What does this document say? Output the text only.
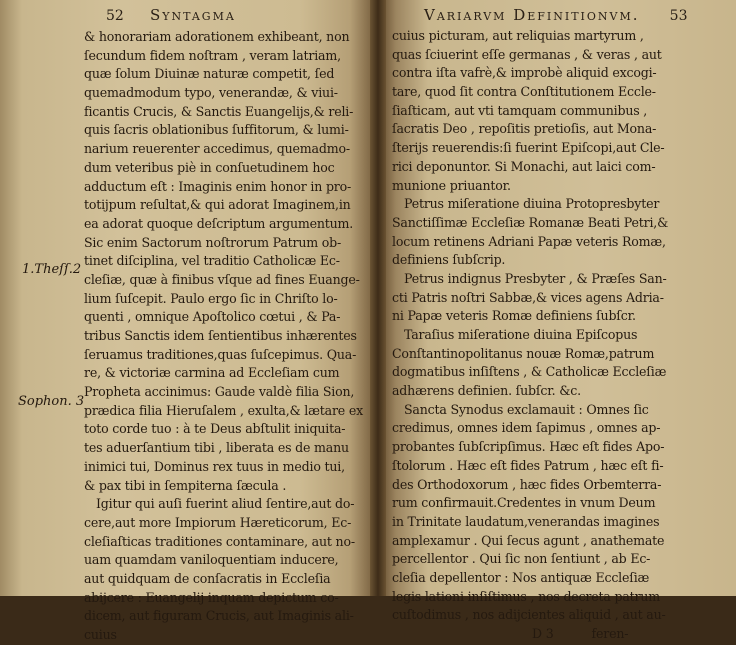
52 Syntagma
& honorariam adorationem exhibeant, non
ſecundum fidem noſtram , veram latriam,
quæ ſolum Diuinæ naturæ competit, ſed
quemadmodum typo, venerandæ, & viui-
ficantis Crucis, & Sanctis Euangelijs,& reli-
quis ſacris oblationibus ſuffitorum, & lumi-
narium reuerenter accedimus, quemadmo-
dum veteribus piè in conſuetudinem hoc
adductum eſt : Imaginis enim honor in pro-
totijpum reſultat,& qui adorat Imaginem,in
ea adorat quoque deſcriptum argumentum.
Sic enim Sactorum noſtrorum Patrum ob-
tinet diſciplina, vel traditio Catholicæ Ec-
cleſiæ, quæ à finibus vſque ad fines Euange-
lium ſuſcepit. Paulo ergo ſic in Chriſto lo-
quenti , omnique Apoſtolico cœtui , & Pa-
tribus Sanctis idem ſentientibus inhærentes
ſeruamus traditiones,quas ſuſcepimus. Qua-
re, & victoriæ carmina ad Eccleſiam cum
Propheta accinimus: Gaude valdè filia Sion,
prædica filia Hieruſalem , exulta,& lætare ex
toto corde tuo : à te Deus abſtulit iniquita-
tes aduerſantium tibi , liberata es de manu
inimici tui, Dominus rex tuus in medio tui,
& pax tibi in ſempiterna ſæcula .
Igitur qui auſi fuerint aliud ſentire,aut do-
cere,aut more Impiorum Hæreticorum, Ec-
cleſiaſticas traditiones contaminare, aut no-
uam quamdam vaniloquentiam inducere,
aut quidquam de conſacratis in Eccleſia
abijcere : Euangelij inquam depictum co-
dicem, aut figuram Crucis, aut Imaginis ali-
cuius
1.Theſſ.2
Sophon. 3
Variarvm Definitionvm. 53
cuius picturam, aut reliquias martyrum ,
quas ſciuerint eſſe germanas , & veras , aut
contra iſta vafrè,& improbè aliquid excogi-
tare, quod ſit contra Conſtitutionem Eccle-
ſiaſticam, aut vti tamquam communibus ,
ſacratis Deo , repoſitis pretioſis, aut Mona-
ſterijs reuerendis:ſi fuerint Epiſcopi,aut Cle-
rici deponuntor. Si Monachi, aut laici com-
munione priuantor.
Petrus miſeratione diuina Protopresbyter
Sanctiſſimæ Eccleſiæ Romanæ Beati Petri,&
locum retinens Adriani Papæ veteris Romæ,
definiens ſubſcrip.
Petrus indignus Presbyter , & Præſes San-
cti Patris noſtri Sabbæ,& vices agens Adria-
ni Papæ veteris Romæ definiens ſubſcr.
Taraſius miſeratione diuina Epiſcopus
Conſtantinopolitanus nouæ Romæ,patrum
dogmatibus inſiſtens , & Catholicæ Eccleſiæ
adhærens definien. ſubſcr. &c.
Sancta Synodus exclamauit : Omnes ſic
credimus, omnes idem ſapimus , omnes ap-
probantes ſubſcripſimus. Hæc eſt fides Apo-
ſtolorum . Hæc eſt fides Patrum , hæc eſt fi-
des Orthodoxorum , hæc fides Orbemterra-
rum confirmauit.Credentes in vnum Deum
in Trinitate laudatum,venerandas imagines
amplexamur . Qui ſecus agunt , anathemate
percellentor . Qui ſic non ſentiunt , ab Ec-
cleſia depellentor : Nos antiquæ Eccleſiæ
legis lationi inſiſtimus , nos decreta patrum
cuſtodimus , nos adijcientes aliquid , aut au-
D 3          feren-
